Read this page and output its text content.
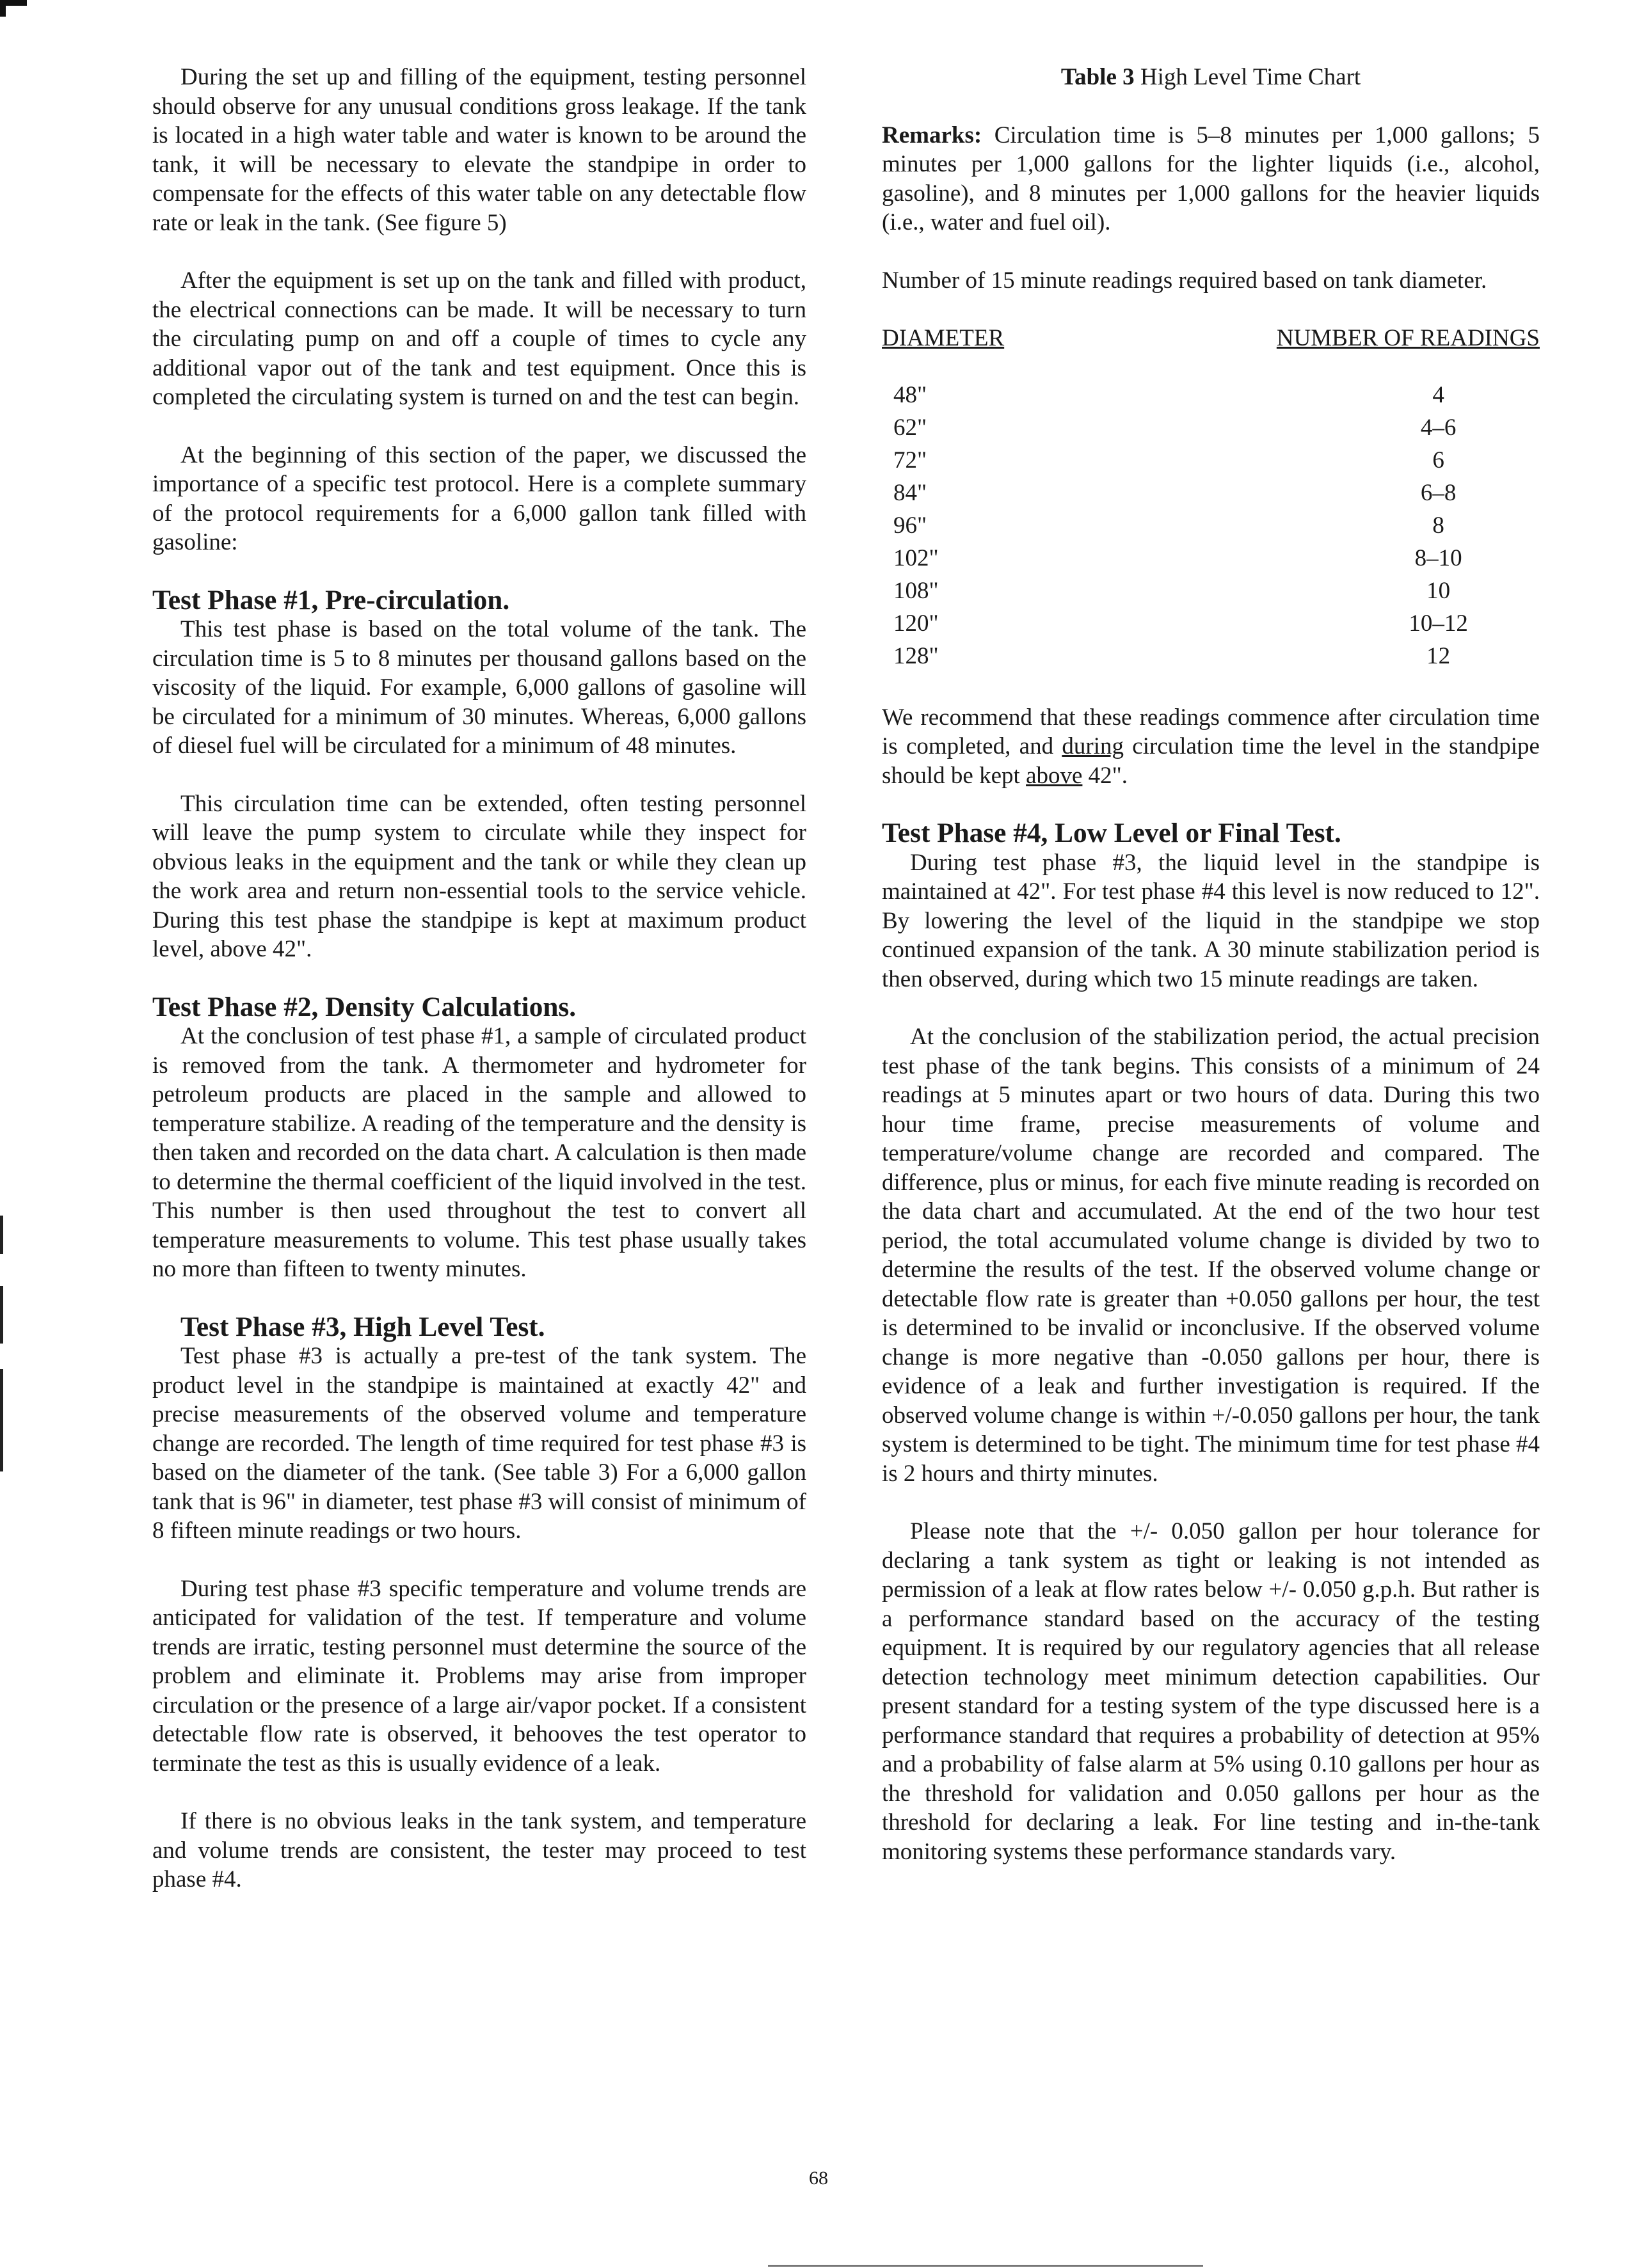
During the set up and filling of the equipment, testing personnel should observe for any unusual conditions gross leakage. If the tank is located in a high water table and water is known to be around the tank, it will be necessary to elevate the standpipe in order to compensate for the effects of this water table on any detectable flow rate or leak in the tank. (See figure 5)

After the equipment is set up on the tank and filled with product, the electrical connections can be made. It will be necessary to turn the circulating pump on and off a couple of times to cycle any additional vapor out of the tank and test equipment. Once this is completed the circulating system is turned on and the test can begin.

At the beginning of this section of the paper, we discussed the importance of a specific test protocol. Here is a complete summary of the protocol requirements for a 6,000 gallon tank filled with gasoline:

Test Phase #1, Pre-circulation.

This test phase is based on the total volume of the tank. The circulation time is 5 to 8 minutes per thousand gallons based on the viscosity of the liquid. For example, 6,000 gallons of gasoline will be circulated for a minimum of 30 minutes. Whereas, 6,000 gallons of diesel fuel will be circulated for a minimum of 48 minutes.

This circulation time can be extended, often testing personnel will leave the pump system to circulate while they inspect for obvious leaks in the equipment and the tank or while they clean up the work area and return non-essential tools to the service vehicle. During this test phase the standpipe is kept at maximum product level, above 42".

Test Phase #2, Density Calculations.

At the conclusion of test phase #1, a sample of circulated product is removed from the tank. A thermometer and hydrometer for petroleum products are placed in the sample and allowed to temperature stabilize. A reading of the temperature and the density is then taken and recorded on the data chart. A calculation is then made to determine the thermal coefficient of the liquid involved in the test. This number is then used throughout the test to convert all temperature measurements to volume. This test phase usually takes no more than fifteen to twenty minutes.

Test Phase #3, High Level Test.

Test phase #3 is actually a pre-test of the tank system. The product level in the standpipe is maintained at exactly 42" and precise measurements of the observed volume and temperature change are recorded. The length of time required for test phase #3 is based on the diameter of the tank. (See table 3) For a 6,000 gallon tank that is 96" in diameter, test phase #3 will consist of minimum of 8 fifteen minute readings or two hours.

During test phase #3 specific temperature and volume trends are anticipated for validation of the test. If temperature and volume trends are irratic, testing personnel must determine the source of the problem and eliminate it. Problems may arise from improper circulation or the presence of a large air/vapor pocket. If a consistent detectable flow rate is observed, it behooves the test operator to terminate the test as this is usually evidence of a leak.

If there is no obvious leaks in the tank system, and temperature and volume trends are consistent, the tester may proceed to test phase #4.

Table 3 High Level Time Chart

Remarks: Circulation time is 5–8 minutes per 1,000 gallons; 5 minutes per 1,000 gallons for the lighter liquids (i.e., alcohol, gasoline), and 8 minutes per 1,000 gallons for the heavier liquids (i.e., water and fuel oil).

Number of 15 minute readings required based on tank diameter.

DIAMETER	NUMBER OF READINGS
48"	4
62"	4–6
72"	6
84"	6–8
96"	8
102"	8–10
108"	10
120"	10–12
128"	12

We recommend that these readings commence after circulation time is completed, and during circulation time the level in the standpipe should be kept above 42".

Test Phase #4, Low Level or Final Test.

During test phase #3, the liquid level in the standpipe is maintained at 42". For test phase #4 this level is now reduced to 12". By lowering the level of the liquid in the standpipe we stop continued expansion of the tank. A 30 minute stabilization period is then observed, during which two 15 minute readings are taken.

At the conclusion of the stabilization period, the actual precision test phase of the tank begins. This consists of a minimum of 24 readings at 5 minutes apart or two hours of data. During this two hour time frame, precise measurements of volume and temperature/volume change are recorded and compared. The difference, plus or minus, for each five minute reading is recorded on the data chart and accumulated. At the end of the two hour test period, the total accumulated volume change is divided by two to determine the results of the test. If the observed volume change or detectable flow rate is greater than +0.050 gallons per hour, the test is determined to be invalid or inconclusive. If the observed volume change is more negative than -0.050 gallons per hour, there is evidence of a leak and further investigation is required. If the observed volume change is within +/-0.050 gallons per hour, the tank system is determined to be tight. The minimum time for test phase #4 is 2 hours and thirty minutes.

Please note that the +/- 0.050 gallon per hour tolerance for declaring a tank system as tight or leaking is not intended as permission of a leak at flow rates below +/- 0.050 g.p.h. But rather is a performance standard based on the accuracy of the testing equipment. It is required by our regulatory agencies that all release detection technology meet minimum detection capabilities. Our present standard for a testing system of the type discussed here is a performance standard that requires a probability of detection at 95% and a probability of false alarm at 5% using 0.10 gallons per hour as the threshold for validation and 0.050 gallons per hour as the threshold for declaring a leak. For line testing and in-the-tank monitoring systems these performance standards vary.

68
